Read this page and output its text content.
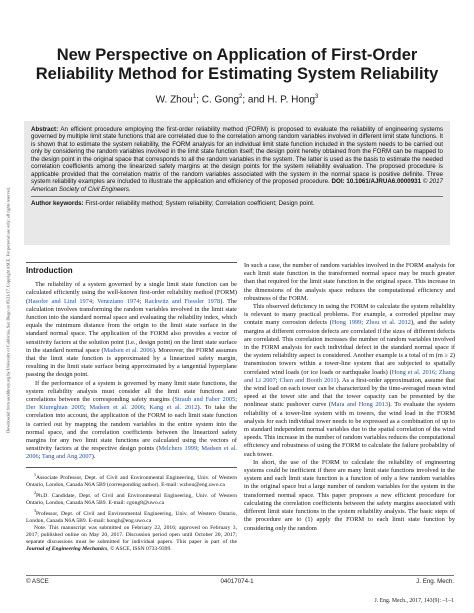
Downloaded from ascelibrary.org by University of California, San Diego on 05/21/17. Copyright ASCE. For personal use only; all rights reserved.
New Perspective on Application of First-Order Reliability Method for Estimating System Reliability
W. Zhou$^1$; C. Gong$^2$; and H. P. Hong$^3$
Abstract: An efficient procedure employing the first-order reliability method (FORM) is proposed to evaluate the reliability of engineering systems governed by multiple limit state functions that are correlated due to the correlation among random variables involved in different limit state functions. It is shown that to estimate the system reliability, the FORM analysis for an individual limit state function included in the system needs to be carried out only by considering the random variables involved in the limit state function itself; the design point hereby obtained from the FORM can be mapped to the design point in the original space that corresponds to all the random variables in the system. The latter is used as the basis to estimate the needed correlation coefficients among the linearized safety margins at the design points for the system reliability evaluation. The proposed procedure is applicable provided that the correlation matrix of the random variables associated with the system in the normal space is positive definite. Three system reliability examples are included to illustrate the application and efficiency of the proposed procedure. DOI: 10.1061/AJRUA6.0000931 © 2017 American Society of Civil Engineers.
Author keywords: First-order reliability method; System reliability; Correlation coefficient; Design point.
Introduction

The reliability of a system governed by a single limit state function can be calculated efficiently using the well-known first-order reliability method (FORM) (Hasofer and Lind 1974; Veneziano 1974; Rackwitz and Fiessler 1978). The calculation involves transforming the random variables involved in the limit state function into the standard normal space and evaluating the reliability index, which equals the minimum distance from the origin to the limit state surface in the standard normal space. The application of the FORM also provides a vector of sensitivity factors at the solution point (i.e., design point) on the limit state surface in the standard normal space (Madsen et al. 2006). Moreover, the FORM assumes that the limit state function is approximated by a linearized safety margin, resulting in the limit state surface being approximated by a tangential hyperplane passing the design point.

If the performance of a system is governed by many limit state functions, the system reliability analysis must consider all the limit state functions and correlations between the corresponding safety margins (Straub and Faber 2005; Der Kiureghian 2005; Madsen et al. 2006; Kang et al. 2012). To take the correlation into account, the application of the FORM to each limit state function is carried out by mapping the random variables in the entire system into the normal space, and the correlation coefficients between the linearized safety margins for any two limit state functions are calculated using the vectors of sensitivity factors at the respective design points (Melchers 1999; Madsen et al. 2006; Tang and Ang 2007).

$^1$Associate Professor, Dept. of Civil and Environmental Engineering, Univ. of Western Ontario, London, Canada N6A 5B9 (corresponding author). E-mail: wzhou@eng.uwo.ca

$^2$Ph.D. Candidate, Dept. of Civil and Environmental Engineering, Univ. of Western Ontario, London, Canada N6A 5B9. E-mail: cgong8@uwo.ca

$^3$Professor, Dept. of Civil and Environmental Engineering, Univ. of Western Ontario, London, Canada N6A 5B9. E-mail: hongh@eng.uwo.ca

Note. This manuscript was submitted on February 22, 2016; approved on February 3, 2017; published online on May 20, 2017. Discussion period open until October 20, 2017; separate discussions must be submitted for individual papers. This paper is part of the Journal of Engineering Mechanics, © ASCE, ISSN 0733-9399.

In such a case, the number of random variables involved in the FORM analysis for each limit state function in the transformed normal space may be much greater than that required for the limit state function in the original space. This increase in the dimensions of the analysis space reduces the computational efficiency and robustness of the FORM.

This observed deficiency in using the FORM to calculate the system reliability is relevant to many practical problems. For example, a corroded pipeline may contain many corrosion defects (Hong 1999; Zhou et al. 2012), and the safety margins at different corrosion defects are correlated if the sizes of different defects are correlated. This correlation increases the number of random variables involved in the FORM analysis for each individual defect in the standard normal space if the system reliability aspect is considered. Another example is a total of m (m ≥ 2) transmission towers within a tower-line system that are subjected to spatially correlated wind loads (or ice loads or earthquake loads) (Hong et al. 2016; Zhang and Li 2007; Chen and Booth 2011). As a first-order approximation, assume that the wind load on each tower can be characterized by the time-averaged mean wind speed at the tower site and that the tower capacity can be presented by the nonlinear static pushover curve (Mara and Hong 2013). To evaluate the system reliability of a tower-line system with m towers, the wind load in the FORM analysis for each individual tower needs to be expressed as a combination of up to m standard independent normal variables due to the spatial correlation of the wind speeds. This increase in the number of random variables reduces the computational efficiency and robustness of using the FORM to calculate the failure probability of each tower.

In short, the use of the FORM to calculate the reliability of engineering systems could be inefficient if there are many limit state functions involved in the system and each limit state function is a function of only a few random variables in the original space but a large number of random variables for the system in the transformed normal space. This paper proposes a new efficient procedure for calculating the correlation coefficients between the safety margins associated with different limit state functions in the system reliability analysis. The basic steps of the procedure are to (1) apply the FORM to each limit state function by considering only the random

© ASCE	04017074-1	J. Eng. Mech.
J. Eng. Mech., 2017, 143(9): –1–1
